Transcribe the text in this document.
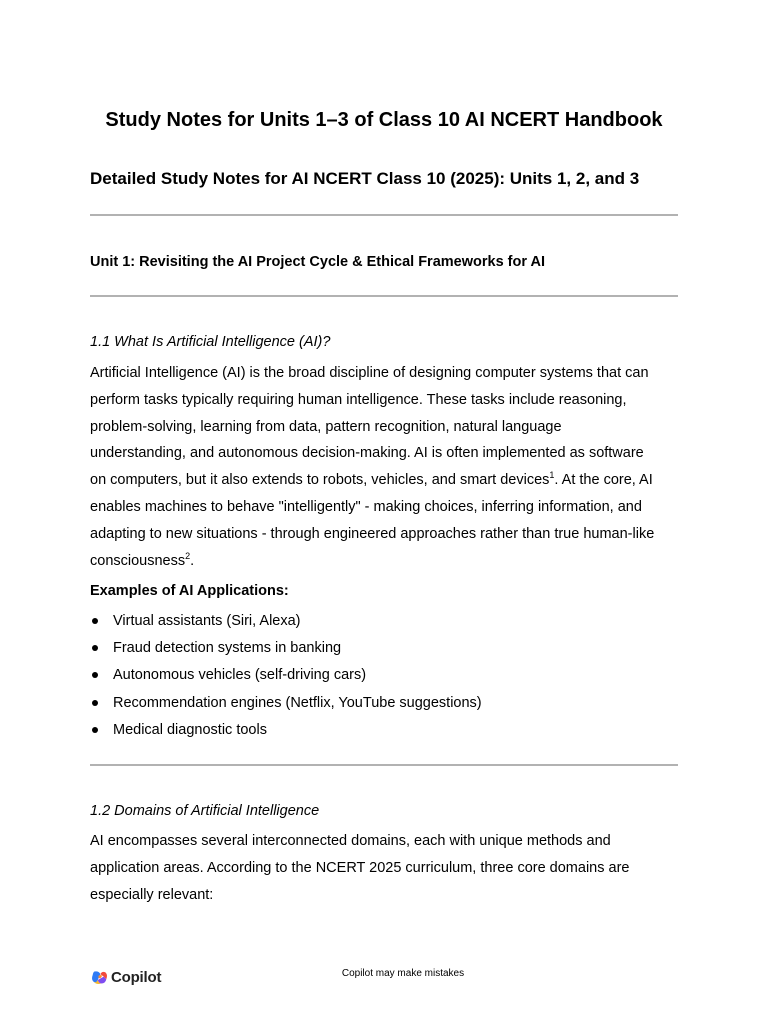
Study Notes for Units 1–3 of Class 10 AI NCERT Handbook
Detailed Study Notes for AI NCERT Class 10 (2025): Units 1, 2, and 3
Unit 1: Revisiting the AI Project Cycle & Ethical Frameworks for AI
1.1 What Is Artificial Intelligence (AI)?
Artificial Intelligence (AI) is the broad discipline of designing computer systems that can
perform tasks typically requiring human intelligence. These tasks include reasoning,
problem-solving, learning from data, pattern recognition, natural language
understanding, and autonomous decision-making. AI is often implemented as software
on computers, but it also extends to robots, vehicles, and smart devices$^1$. At the core, AI
enables machines to behave "intelligently" - making choices, inferring information, and
adapting to new situations - through engineered approaches rather than true human-like
consciousness$^2$.
Examples of AI Applications:
Virtual assistants (Siri, Alexa)
Fraud detection systems in banking
Autonomous vehicles (self-driving cars)
Recommendation engines (Netflix, YouTube suggestions)
Medical diagnostic tools
1.2 Domains of Artificial Intelligence
AI encompasses several interconnected domains, each with unique methods and
application areas. According to the NCERT 2025 curriculum, three core domains are
especially relevant:
Copilot	Copilot may make mistakes
